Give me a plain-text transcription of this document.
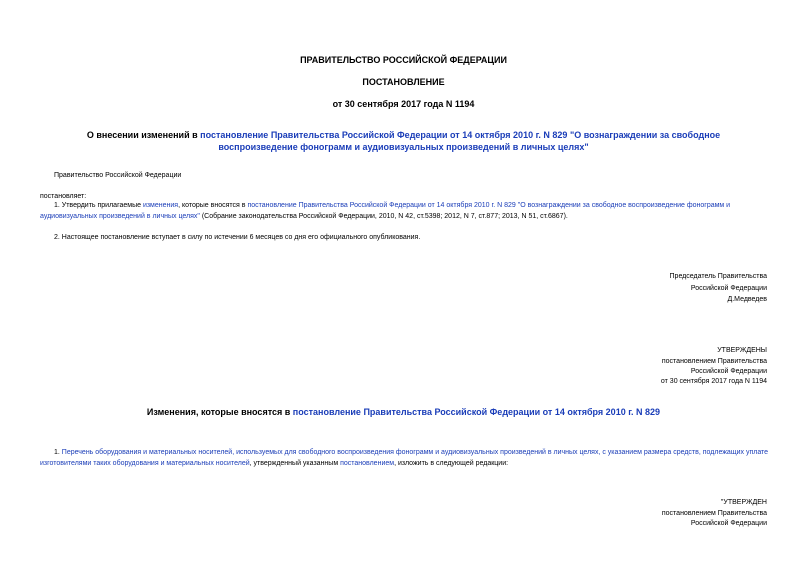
ПРАВИТЕЛЬСТВО РОССИЙСКОЙ ФЕДЕРАЦИИ
ПОСТАНОВЛЕНИЕ
от 30 сентября 2017 года N 1194
О внесении изменений в постановление Правительства Российской Федерации от 14 октября 2010 г. N 829 "О вознаграждении за свободное воспроизведение фонограмм и аудиовизуальных произведений в личных целях"
Правительство Российской Федерации
постановляет:
1. Утвердить прилагаемые изменения, которые вносятся в постановление Правительства Российской Федерации от 14 октября 2010 г. N 829 "О вознаграждении за свободное воспроизведение фонограмм и аудиовизуальных произведений в личных целях" (Собрание законодательства Российской Федерации, 2010, N 42, ст.5398; 2012, N 7, ст.877; 2013, N 51, ст.6867).
2. Настоящее постановление вступает в силу по истечении 6 месяцев со дня его официального опубликования.
Председатель Правительства
Российской Федерации
Д.Медведев
УТВЕРЖДЕНЫ
постановлением Правительства
Российской Федерации
от 30 сентября 2017 года N 1194
Изменения, которые вносятся в постановление Правительства Российской Федерации от 14 октября 2010 г. N 829
1. Перечень оборудования и материальных носителей, используемых для свободного воспроизведения фонограмм и аудиовизуальных произведений в личных целях, с указанием размера средств, подлежащих уплате изготовителями таких оборудования и материальных носителей, утвержденный указанным постановлением, изложить в следующей редакции:
"УТВЕРЖДЕН
постановлением Правительства
Российской Федерации
